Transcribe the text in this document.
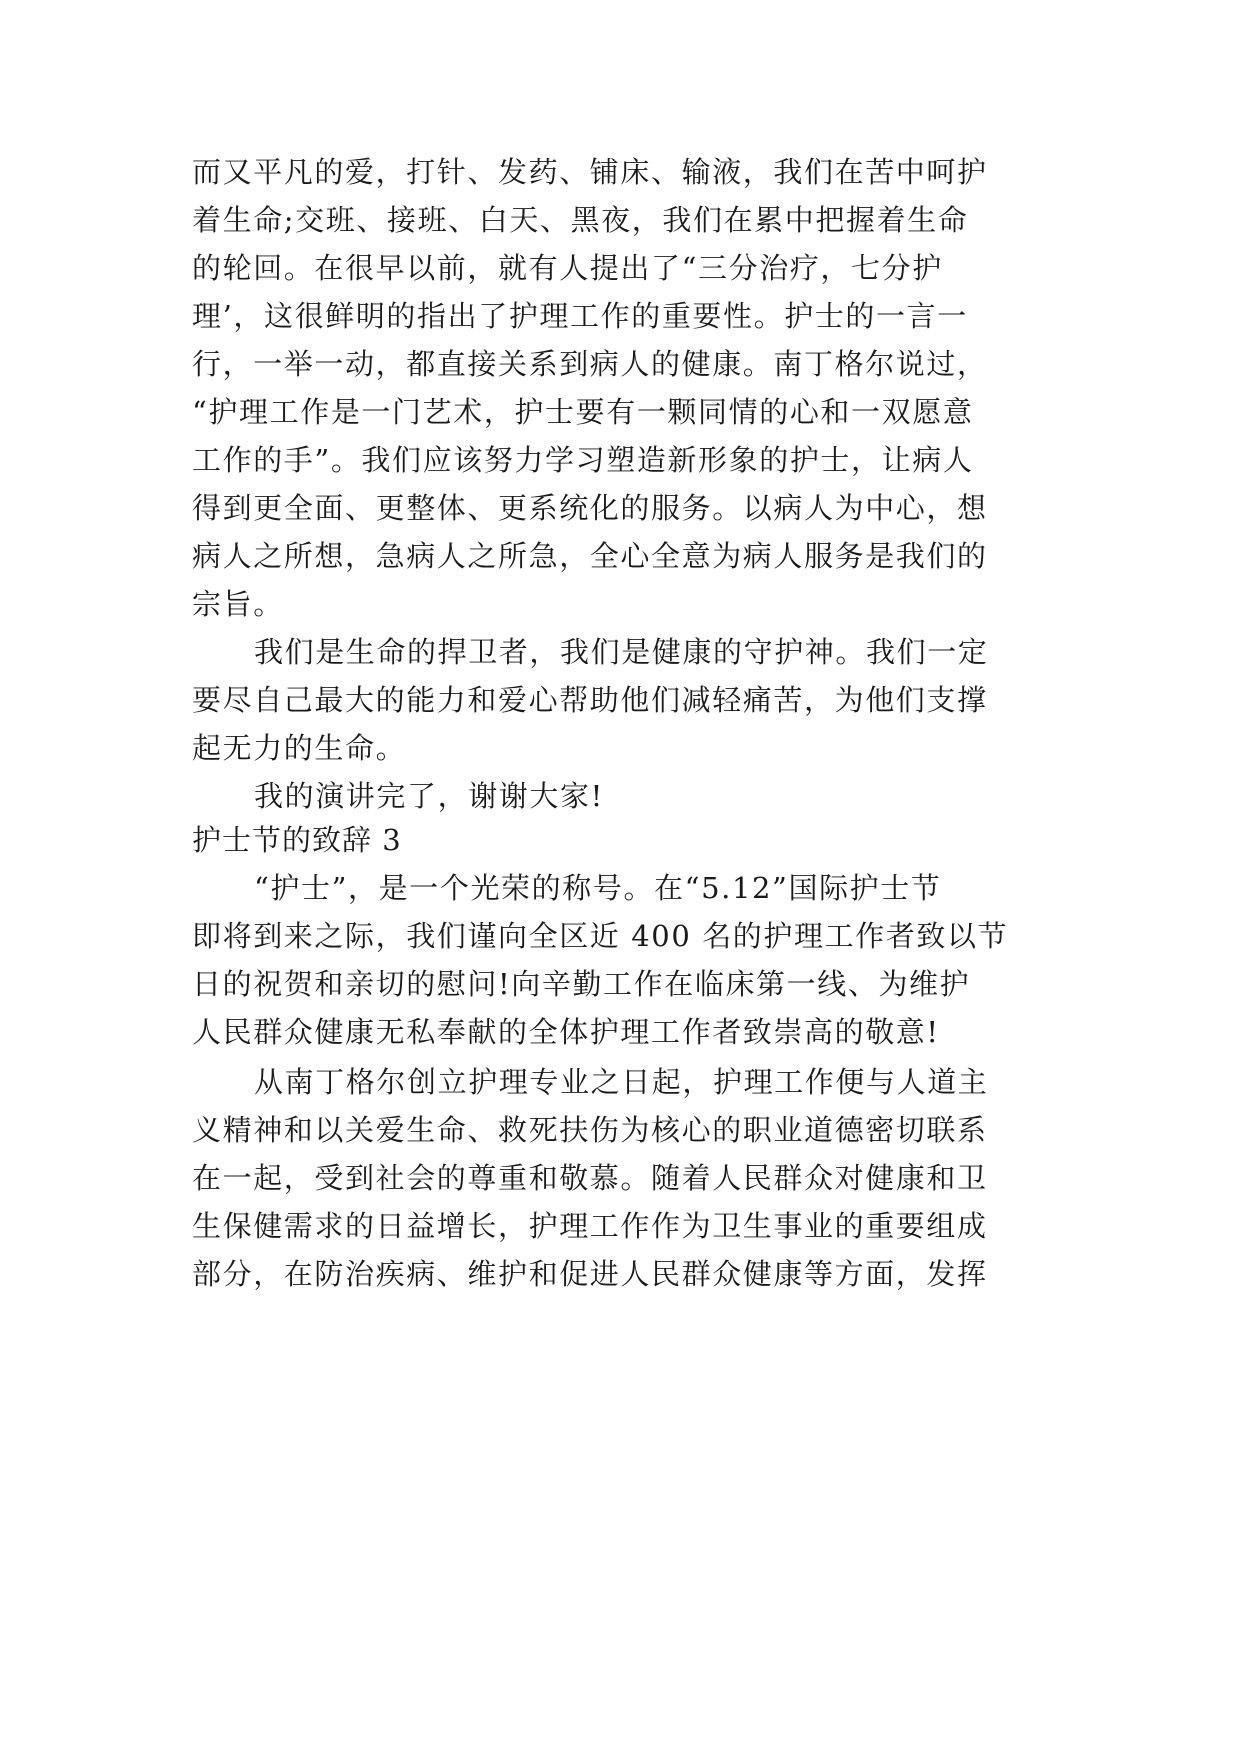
而又平凡的爱，打针、发药、铺床、输液，我们在苦中呵护
着生命;交班、接班、白天、黑夜，我们在累中把握着生命
的轮回。在很早以前，就有人提出了“三分治疗，七分护
理’，这很鲜明的指出了护理工作的重要性。护士的一言一
行，一举一动，都直接关系到病人的健康。南丁格尔说过，
“护理工作是一门艺术，护士要有一颗同情的心和一双愿意
工作的手”。我们应该努力学习塑造新形象的护士，让病人
得到更全面、更整体、更系统化的服务。以病人为中心，想
病人之所想，急病人之所急，全心全意为病人服务是我们的
宗旨。
我们是生命的捍卫者，我们是健康的守护神。我们一定
要尽自己最大的能力和爱心帮助他们减轻痛苦，为他们支撑
起无力的生命。
我的演讲完了，谢谢大家!
护士节的致辞 3
“护士”，是一个光荣的称号。在“5.12”国际护士节
即将到来之际，我们谨向全区近 400 名的护理工作者致以节
日的祝贺和亲切的慰问!向辛勤工作在临床第一线、为维护
人民群众健康无私奉献的全体护理工作者致崇高的敬意!
从南丁格尔创立护理专业之日起，护理工作便与人道主
义精神和以关爱生命、救死扶伤为核心的职业道德密切联系
在一起，受到社会的尊重和敬慕。随着人民群众对健康和卫
生保健需求的日益增长，护理工作作为卫生事业的重要组成
部分，在防治疾病、维护和促进人民群众健康等方面，发挥
